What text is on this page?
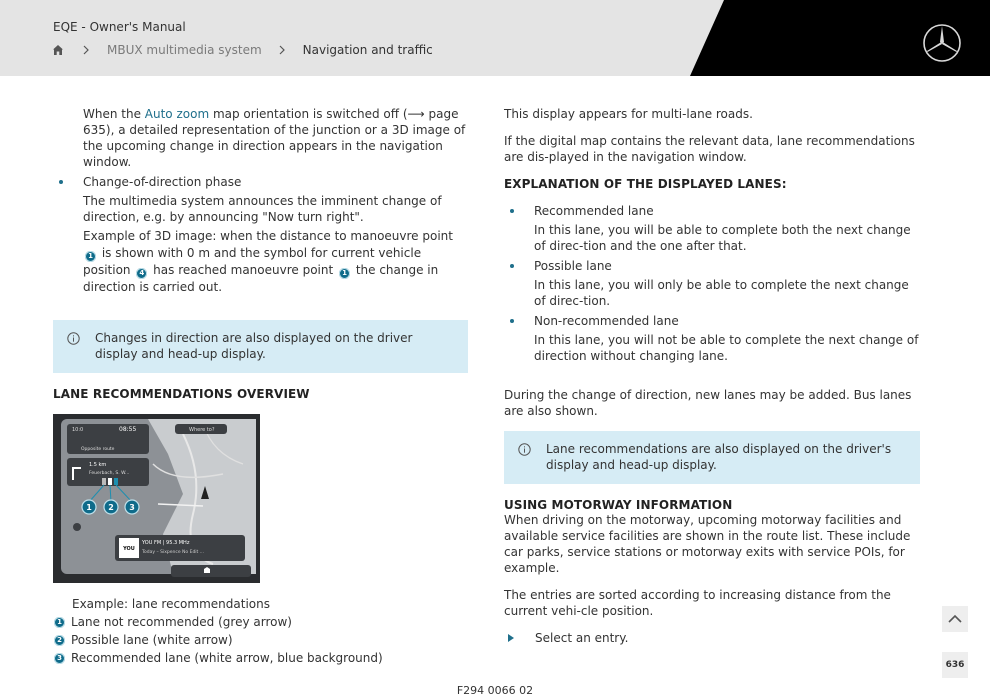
EQE - Owner's Manual
MBUX multimedia system	Navigation and traffic

When the Auto zoom map orientation is switched off (⟶ page 635), a detailed representation of the junction or a 3D image of the upcoming change in direction appears in the navigation window.

Change-of-direction phase

The multimedia system announces the imminent change of direction, e.g. by announcing "Now turn right".

Example of 3D image: when the distance to manoeuvre point 1 is shown with 0 m and the symbol for current vehicle position 4 has reached manoeuvre point 1 the change in direction is carried out.

Changes in direction are also displayed on the driver display and head-up display.

LANE RECOMMENDATIONS OVERVIEW
10:0	08:55
Opposite route
Where to?
1.5 km
Feuerbach, S. W...
1 2 3
YOU
YOU FM | 95.3 MHz
Today – Sixpence No Edit ...

Example: lane recommendations

1 Lane not recommended (grey arrow)
2 Possible lane (white arrow)
3 Recommended lane (white arrow, blue background)

This display appears for multi-lane roads.

If the digital map contains the relevant data, lane recommendations are dis-played in the navigation window.

EXPLANATION OF THE DISPLAYED LANES:

Recommended lane

In this lane, you will be able to complete both the next change of direc-tion and the one after that.

Possible lane

In this lane, you will only be able to complete the next change of direc-tion.

Non-recommended lane

In this lane, you will not be able to complete the next change of direction without changing lane.

During the change of direction, new lanes may be added. Bus lanes are also shown.

Lane recommendations are also displayed on the driver's display and head-up display.

USING MOTORWAY INFORMATION

When driving on the motorway, upcoming motorway facilities and available service facilities are shown in the route list. These include car parks, service stations or motorway exits with service POIs, for example.

The entries are sorted according to increasing distance from the current vehi-cle position.

Select an entry.

636
F294 0066 02
